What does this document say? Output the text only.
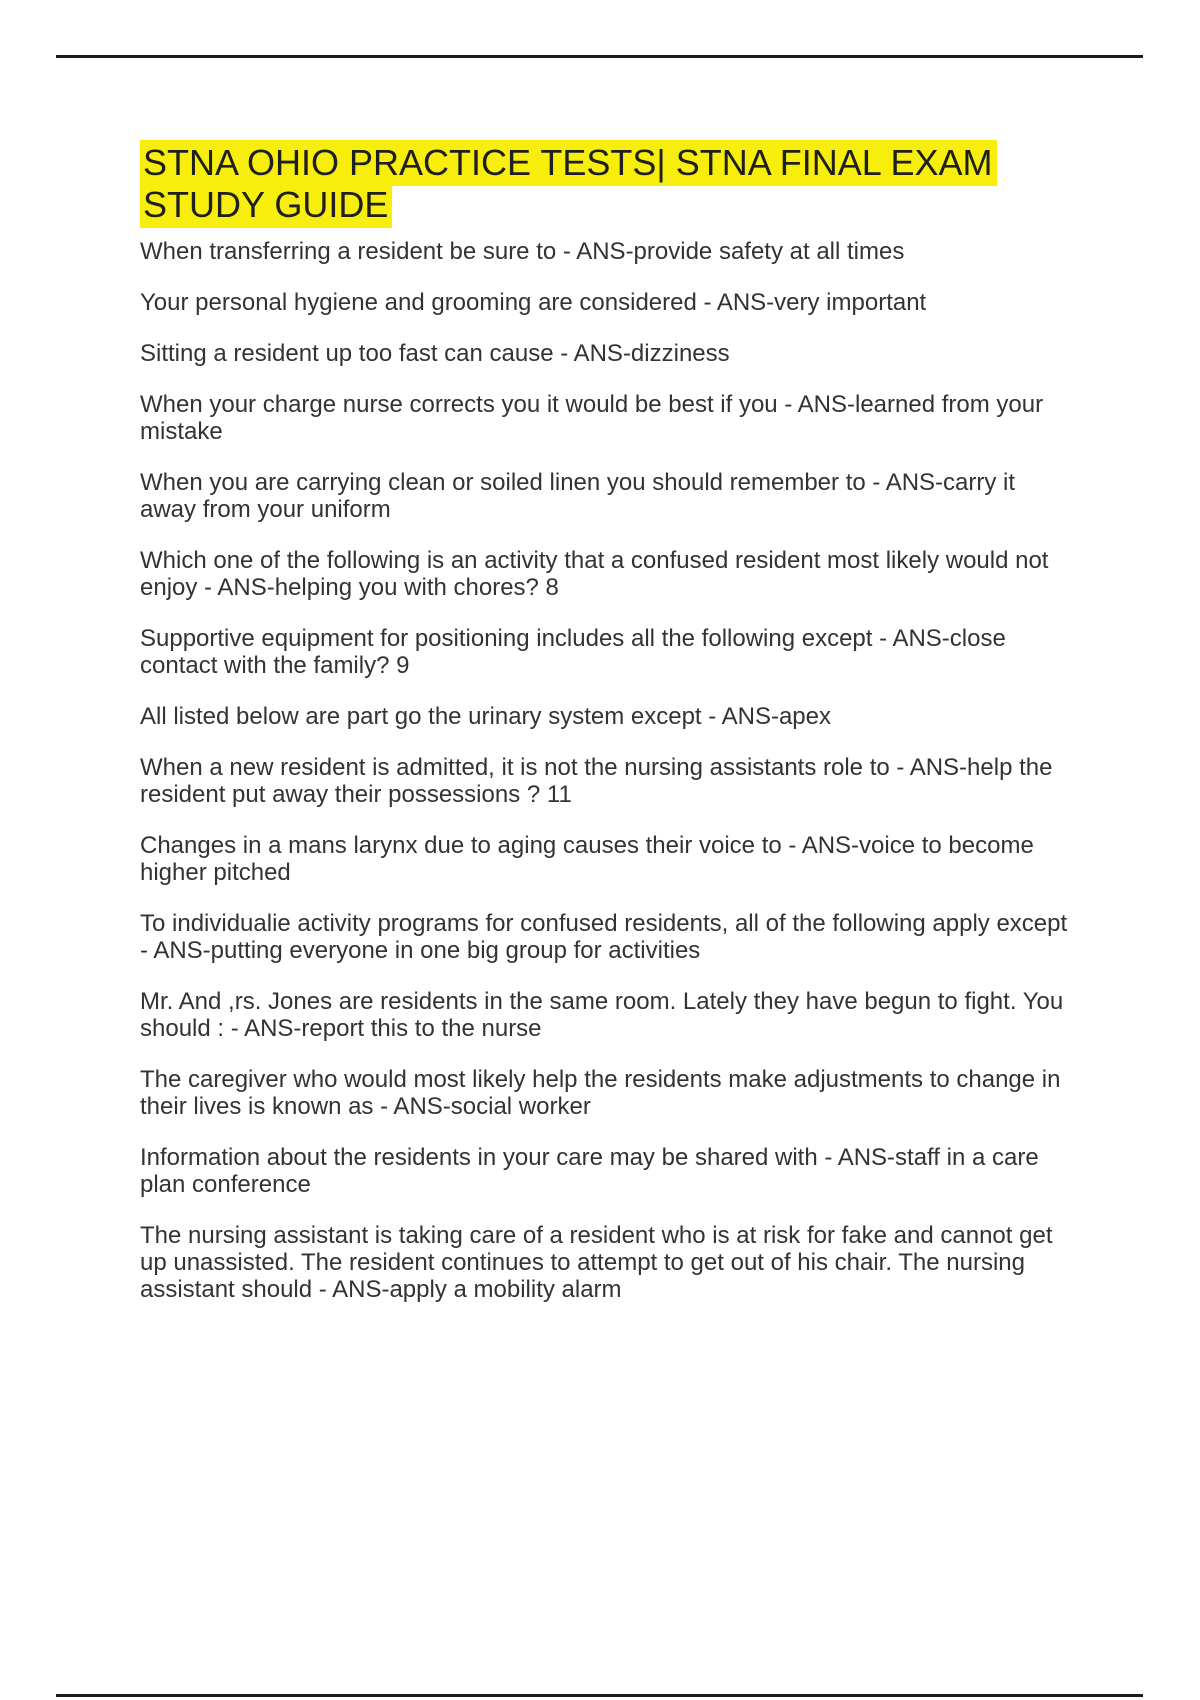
STNA OHIO PRACTICE TESTS| STNA FINAL EXAM STUDY GUIDE

When transferring a resident be sure to - ANS-provide safety at all times

Your personal hygiene and grooming are considered - ANS-very important

Sitting a resident up too fast can cause - ANS-dizziness

When your charge nurse corrects you it would be best if you - ANS-learned from your mistake

When you are carrying clean or soiled linen you should remember to - ANS-carry it away from your uniform

Which one of the following is an activity that a confused resident most likely would not enjoy - ANS-helping you with chores? 8

Supportive equipment for positioning includes all the following except - ANS-close contact with the family? 9

All listed below are part go the urinary system except - ANS-apex

When a new resident is admitted, it is not the nursing assistants role to - ANS-help the resident put away their possessions ? 11

Changes in a mans larynx due to aging causes their voice to - ANS-voice to become higher pitched

To individualie activity programs for confused residents, all of the following apply except - ANS-putting everyone in one big group for activities

Mr. And ,rs. Jones are residents in the same room. Lately they have begun to fight. You should : - ANS-report this to the nurse

The caregiver who would most likely help the residents make adjustments to change in their lives is known as - ANS-social worker

Information about the residents in your care may be shared with - ANS-staff in a care plan conference

The nursing assistant is taking care of a resident who is at risk for fake and cannot get up unassisted. The resident continues to attempt to get out of his chair. The nursing assistant should - ANS-apply a mobility alarm
